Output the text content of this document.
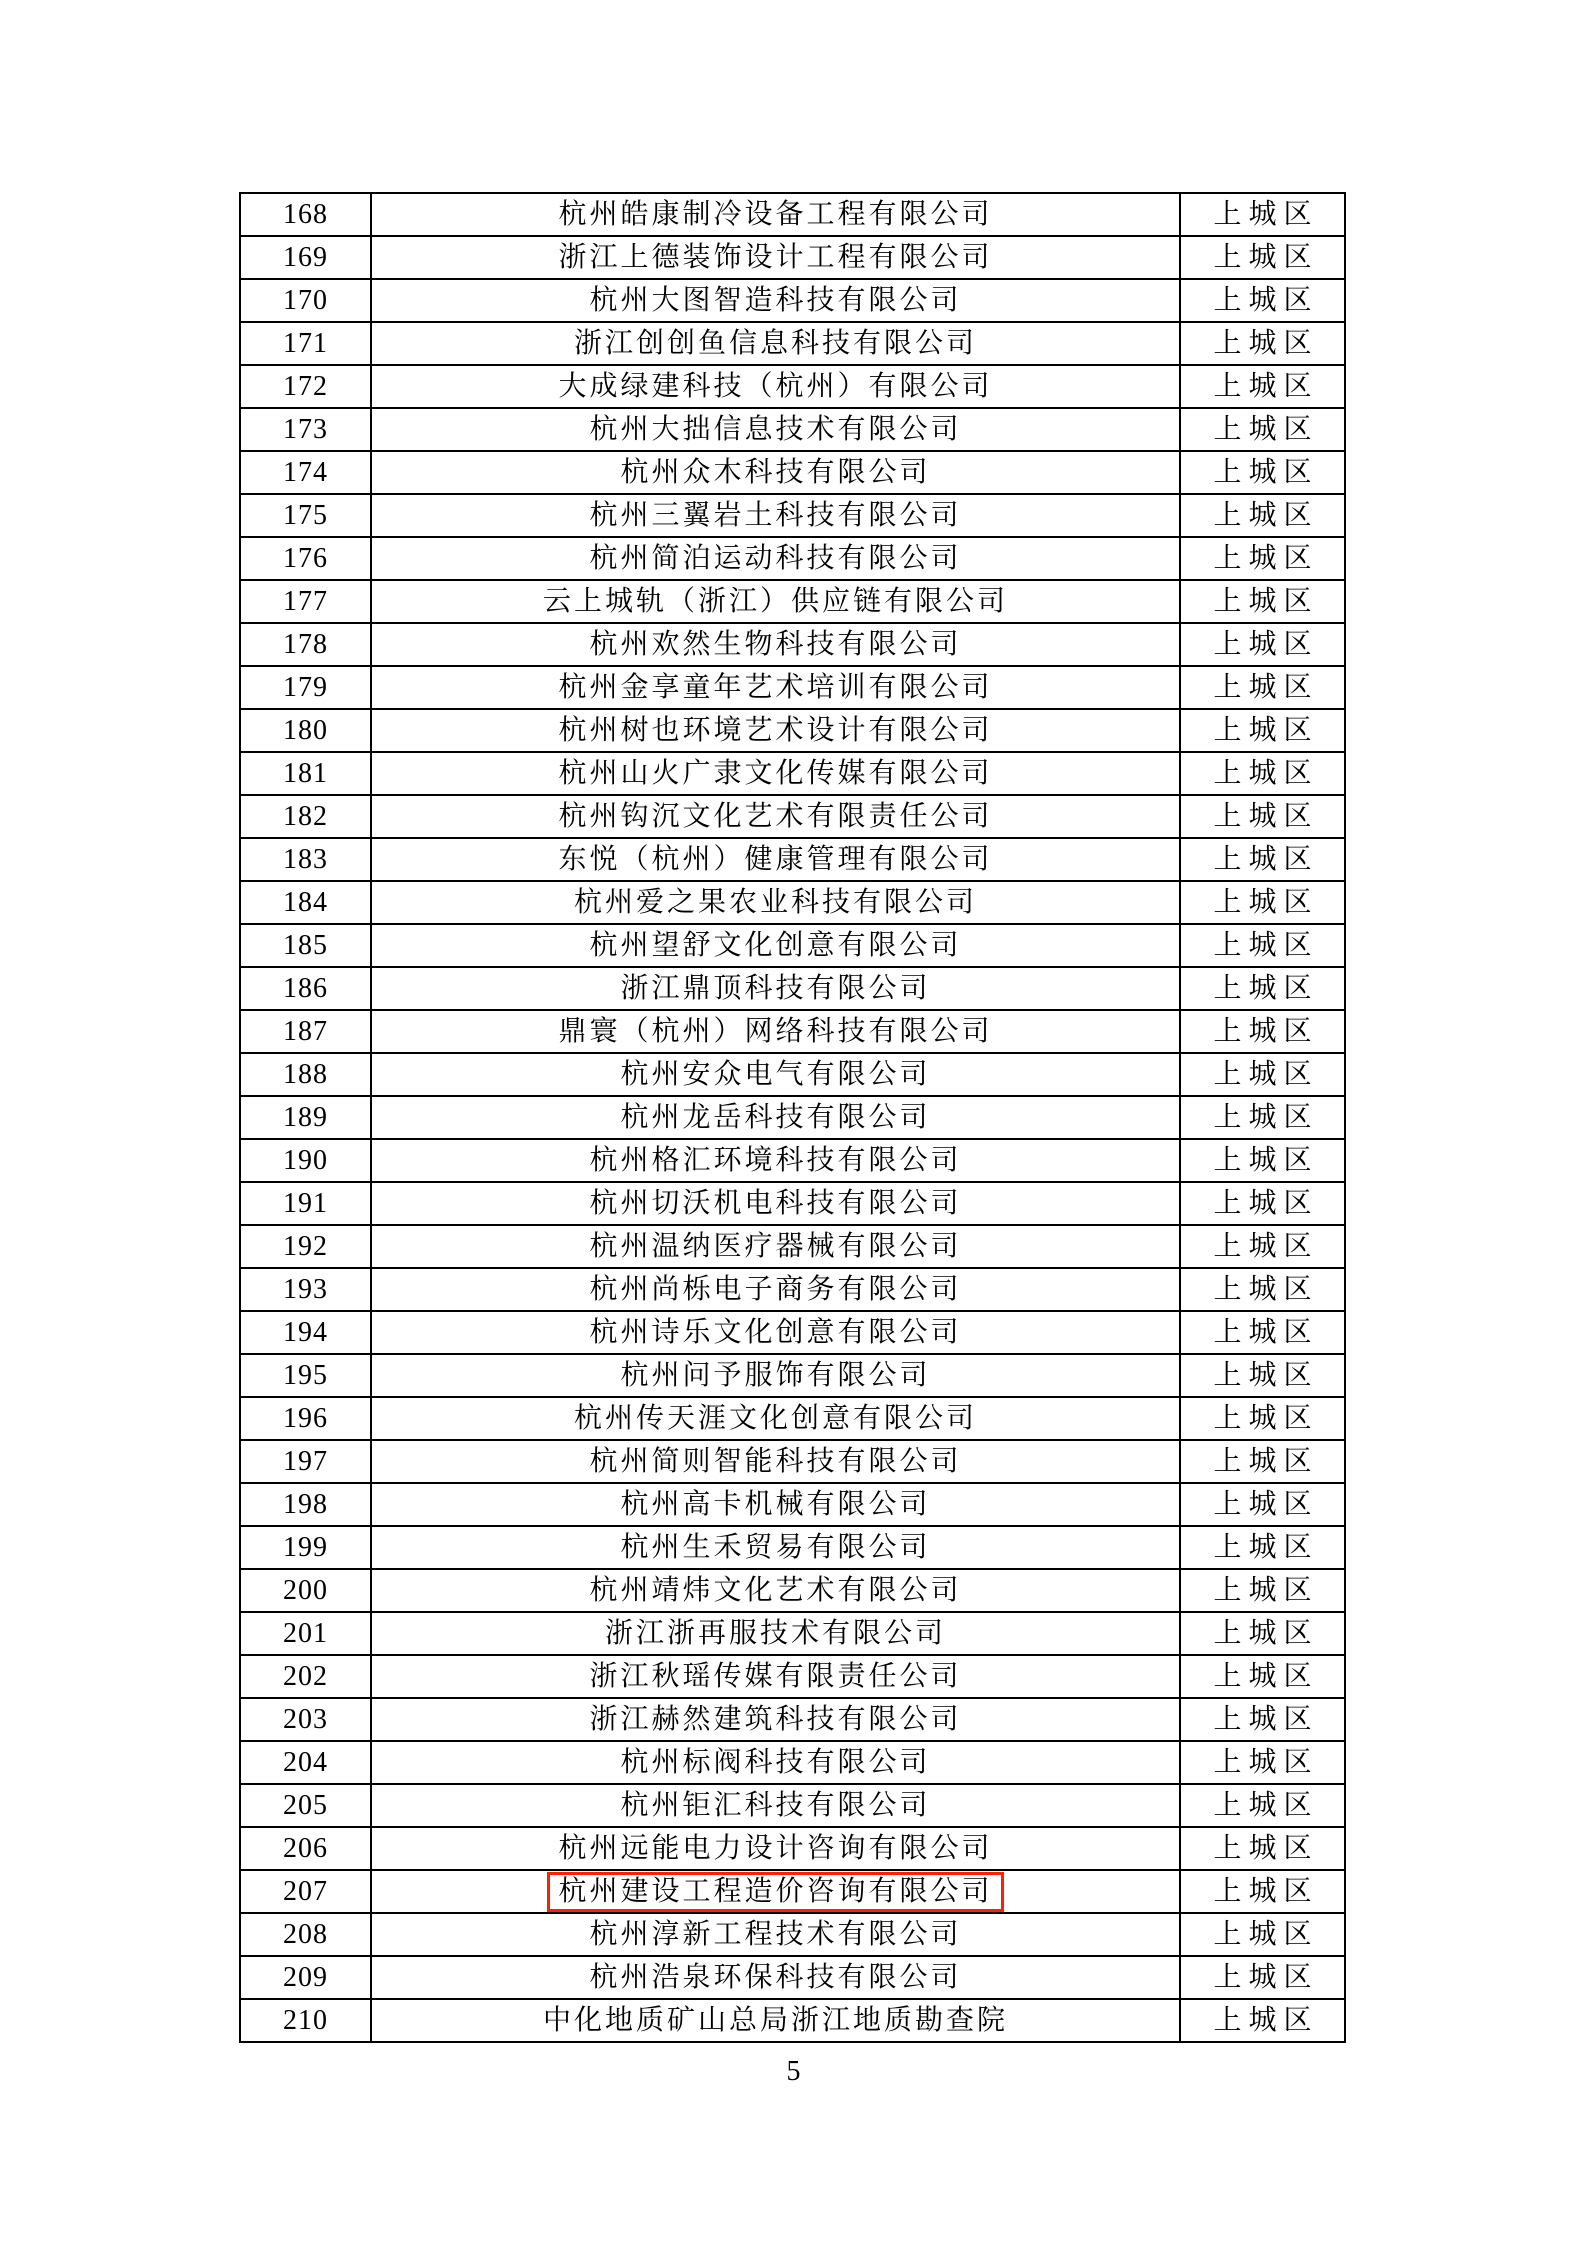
168	杭州皓康制冷设备工程有限公司	上城区
169	浙江上德装饰设计工程有限公司	上城区
170	杭州大图智造科技有限公司	上城区
171	浙江创创鱼信息科技有限公司	上城区
172	大成绿建科技（杭州）有限公司	上城区
173	杭州大拙信息技术有限公司	上城区
174	杭州众木科技有限公司	上城区
175	杭州三翼岩土科技有限公司	上城区
176	杭州简泊运动科技有限公司	上城区
177	云上城轨（浙江）供应链有限公司	上城区
178	杭州欢然生物科技有限公司	上城区
179	杭州金享童年艺术培训有限公司	上城区
180	杭州树也环境艺术设计有限公司	上城区
181	杭州山火广隶文化传媒有限公司	上城区
182	杭州钩沉文化艺术有限责任公司	上城区
183	东悦（杭州）健康管理有限公司	上城区
184	杭州爱之果农业科技有限公司	上城区
185	杭州望舒文化创意有限公司	上城区
186	浙江鼎顶科技有限公司	上城区
187	鼎寰（杭州）网络科技有限公司	上城区
188	杭州安众电气有限公司	上城区
189	杭州龙岳科技有限公司	上城区
190	杭州格汇环境科技有限公司	上城区
191	杭州切沃机电科技有限公司	上城区
192	杭州温纳医疗器械有限公司	上城区
193	杭州尚栎电子商务有限公司	上城区
194	杭州诗乐文化创意有限公司	上城区
195	杭州问予服饰有限公司	上城区
196	杭州传天涯文化创意有限公司	上城区
197	杭州简则智能科技有限公司	上城区
198	杭州高卡机械有限公司	上城区
199	杭州生禾贸易有限公司	上城区
200	杭州靖炜文化艺术有限公司	上城区
201	浙江浙再服技术有限公司	上城区
202	浙江秋瑶传媒有限责任公司	上城区
203	浙江赫然建筑科技有限公司	上城区
204	杭州标阀科技有限公司	上城区
205	杭州钜汇科技有限公司	上城区
206	杭州远能电力设计咨询有限公司	上城区
207	杭州建设工程造价咨询有限公司	上城区
208	杭州淳新工程技术有限公司	上城区
209	杭州浩泉环保科技有限公司	上城区
210	中化地质矿山总局浙江地质勘查院	上城区
5
